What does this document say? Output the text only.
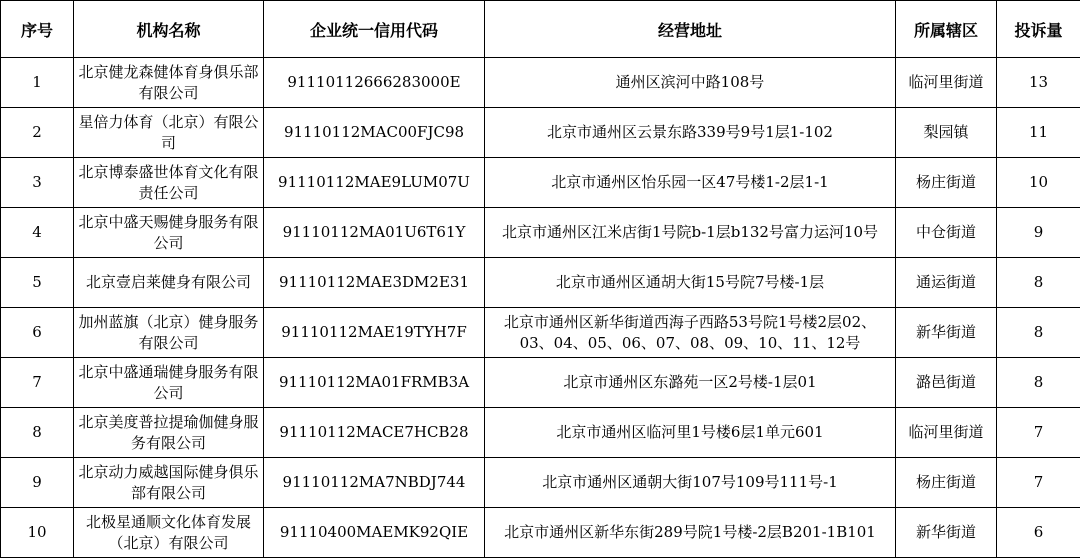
序号	机构名称	企业统一信用代码	经营地址	所属辖区	投诉量
1	北京健龙森健体育身俱乐部有限公司	91110112666283000E	通州区滨河中路108号	临河里街道	13
2	星倍力体育（北京）有限公司	91110112MAC00FJC98	北京市通州区云景东路339号9号1层1-102	梨园镇	11
3	北京博泰盛世体育文化有限责任公司	91110112MAE9LUM07U	北京市通州区怡乐园一区47号楼1-2层1-1	杨庄街道	10
4	北京中盛天赐健身服务有限公司	91110112MA01U6T61Y	北京市通州区江米店街1号院b-1层b132号富力运河10号	中仓街道	9
5	北京壹启莱健身有限公司	91110112MAE3DM2E31	北京市通州区通胡大街15号院7号楼-1层	通运街道	8
6	加州蓝旗（北京）健身服务有限公司	91110112MAE19TYH7F	北京市通州区新华街道西海子西路53号院1号楼2层02、03、04、05、06、07、08、09、10、11、12号	新华街道	8
7	北京中盛通瑞健身服务有限公司	91110112MA01FRMB3A	北京市通州区东潞苑一区2号楼-1层01	潞邑街道	8
8	北京美度普拉提瑜伽健身服务有限公司	91110112MACE7HCB28	北京市通州区临河里1号楼6层1单元601	临河里街道	7
9	北京动力威越国际健身俱乐部有限公司	91110112MA7NBDJ744	北京市通州区通朝大街107号109号111号-1	杨庄街道	7
10	北极星通顺文化体育发展（北京）有限公司	91110400MAEMK92QIE	北京市通州区新华东街289号院1号楼-2层B201-1B101	新华街道	6
